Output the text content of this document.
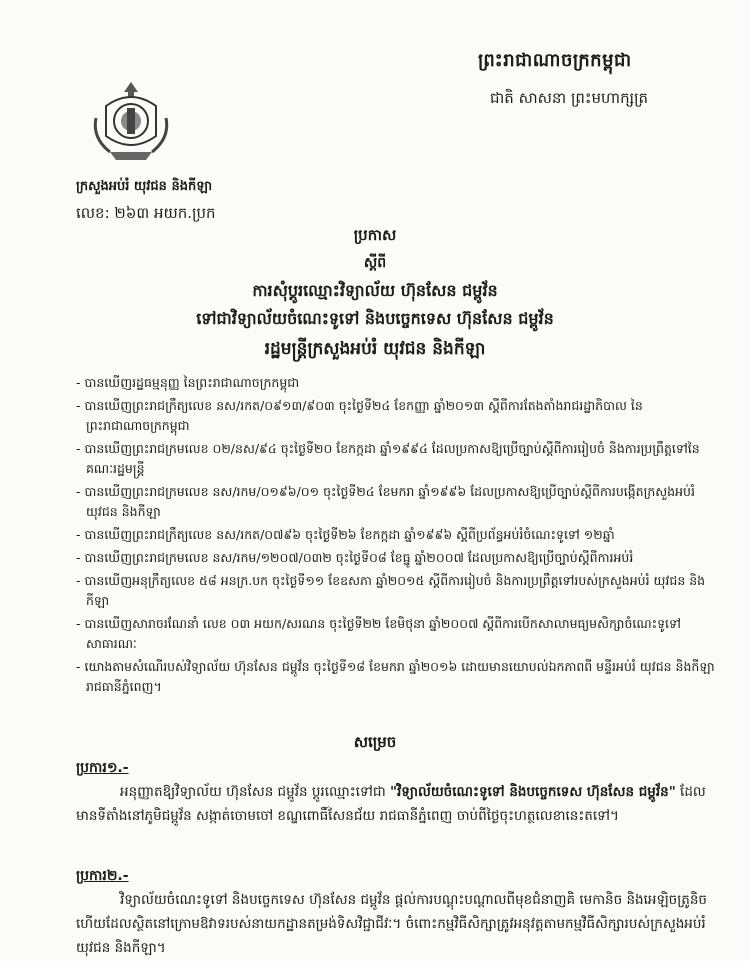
ព្រះរាជាណាចក្រកម្ពុជា
ជាតិ សាសនា ព្រះមហាក្សត្រ
ក្រសួងអប់រំ យុវជន និងកីឡា
លេខ: ២៦៣ អយក.ប្រក
ប្រកាស
ស្តីពី
ការសុំប្តូរឈ្មោះវិទ្យាល័យ ហ៊ុនសែន ជម្ពូវ័ន
ទៅជាវិទ្យាល័យចំណេះទូទៅ និងបច្ចេកទេស ហ៊ុនសែន ជម្ពូវ័ន
រដ្ឋមន្ត្រីក្រសួងអប់រំ យុវជន និងកីឡា
- បានឃើញរដ្ឋធម្មនុញ្ញ នៃព្រះរាជាណាចក្រកម្ពុជា
- បានឃើញព្រះរាជក្រឹត្យលេខ នស/រកត/០៩១៣/៩០៣ ចុះថ្ងៃទី២៤ ខែកញ្ញា ឆ្នាំ២០១៣ ស្តីពីការតែងតាំងរាជរដ្ឋាភិបាល នៃព្រះរាជាណាចក្រកម្ពុជា
- បានឃើញព្រះរាជក្រមលេខ ០២/នស/៩៤ ចុះថ្ងៃទី២០ ខែកក្កដា ឆ្នាំ១៩៩៤ ដែលប្រកាសឱ្យប្រើច្បាប់ស្តីពីការរៀបចំ និងការប្រព្រឹត្តទៅនៃគណៈរដ្ឋមន្ត្រី
- បានឃើញព្រះរាជក្រមលេខ នស/រកម/០១៩៦/០១ ចុះថ្ងៃទី២៤ ខែមករា ឆ្នាំ១៩៩៦ ដែលប្រកាសឱ្យប្រើច្បាប់ស្តីពីការបង្កើតក្រសួងអប់រំ យុវជន និងកីឡា
- បានឃើញព្រះរាជក្រឹត្យលេខ នស/រកត/០៧៩៦ ចុះថ្ងៃទី២៦ ខែកក្កដា ឆ្នាំ១៩៩៦ ស្តីពីប្រព័ន្ធអប់រំចំណេះទូទៅ ១២ឆ្នាំ
- បានឃើញព្រះរាជក្រមលេខ នស/រកម/១២០៧/០៣២ ចុះថ្ងៃទី០៨ ខែធ្នូ ឆ្នាំ២០០៧ ដែលប្រកាសឱ្យប្រើច្បាប់ស្តីពីការអប់រំ
- បានឃើញអនុក្រឹត្យលេខ ៥៨ អនក្រ.បក ចុះថ្ងៃទី១១ ខែឧសភា ឆ្នាំ២០១៥ ស្តីពីការរៀបចំ និងការប្រព្រឹត្តទៅរបស់ក្រសួងអប់រំ យុវជន និងកីឡា
- បានឃើញសារាចរណែនាំ លេខ ០៣ អយក/សរណន ចុះថ្ងៃទី២២ ខែមិថុនា ឆ្នាំ២០០៧ ស្តីពីការបើកសាលាមធ្យមសិក្សាចំណេះទូទៅសាធារណៈ
- យោងតាមសំណើរបស់វិទ្យាល័យ ហ៊ុនសែន ជម្ពូវ័ន ចុះថ្ងៃទី១៨ ខែមករា ឆ្នាំ២០១៦ ដោយមានយោបល់ឯកភាពពី មន្ទីរអប់រំ យុវជន និងកីឡា រាជធានីភ្នំពេញ។
សម្រេច
ប្រការ១.-
អនុញ្ញាតឱ្យវិទ្យាល័យ ហ៊ុនសែន ជម្ពូវ័ន ប្តូរឈ្មោះទៅជា "វិទ្យាល័យចំណេះទូទៅ និងបច្ចេកទេស ហ៊ុនសែន ជម្ពូវ័ន" ដែលមានទីតាំងនៅភូមិជម្ពូវ័ន សង្កាត់ចោមចៅ ខណ្ឌពោធិ៍សែនជ័យ រាជធានីភ្នំពេញ ចាប់ពីថ្ងៃចុះហត្ថលេខានេះតទៅ។
ប្រការ២.-
វិទ្យាល័យចំណេះទូទៅ និងបច្ចេកទេស ហ៊ុនសែន ជម្ពូវ័ន ផ្តល់ការបណ្តុះបណ្តាលពីមុខជំនាញគិ មេកានិច និងអេឡិចត្រូនិច ហើយដែលស្ថិតនៅក្រោមឱវាទរបស់នាយកដ្ឋានតម្រង់ទិសវិជ្ជាជីវៈ។ ចំពោះកម្មវិធីសិក្សាត្រូវអនុវត្តតាមកម្មវិធីសិក្សារបស់ក្រសួងអប់រំ យុវជន និងកីឡា។
